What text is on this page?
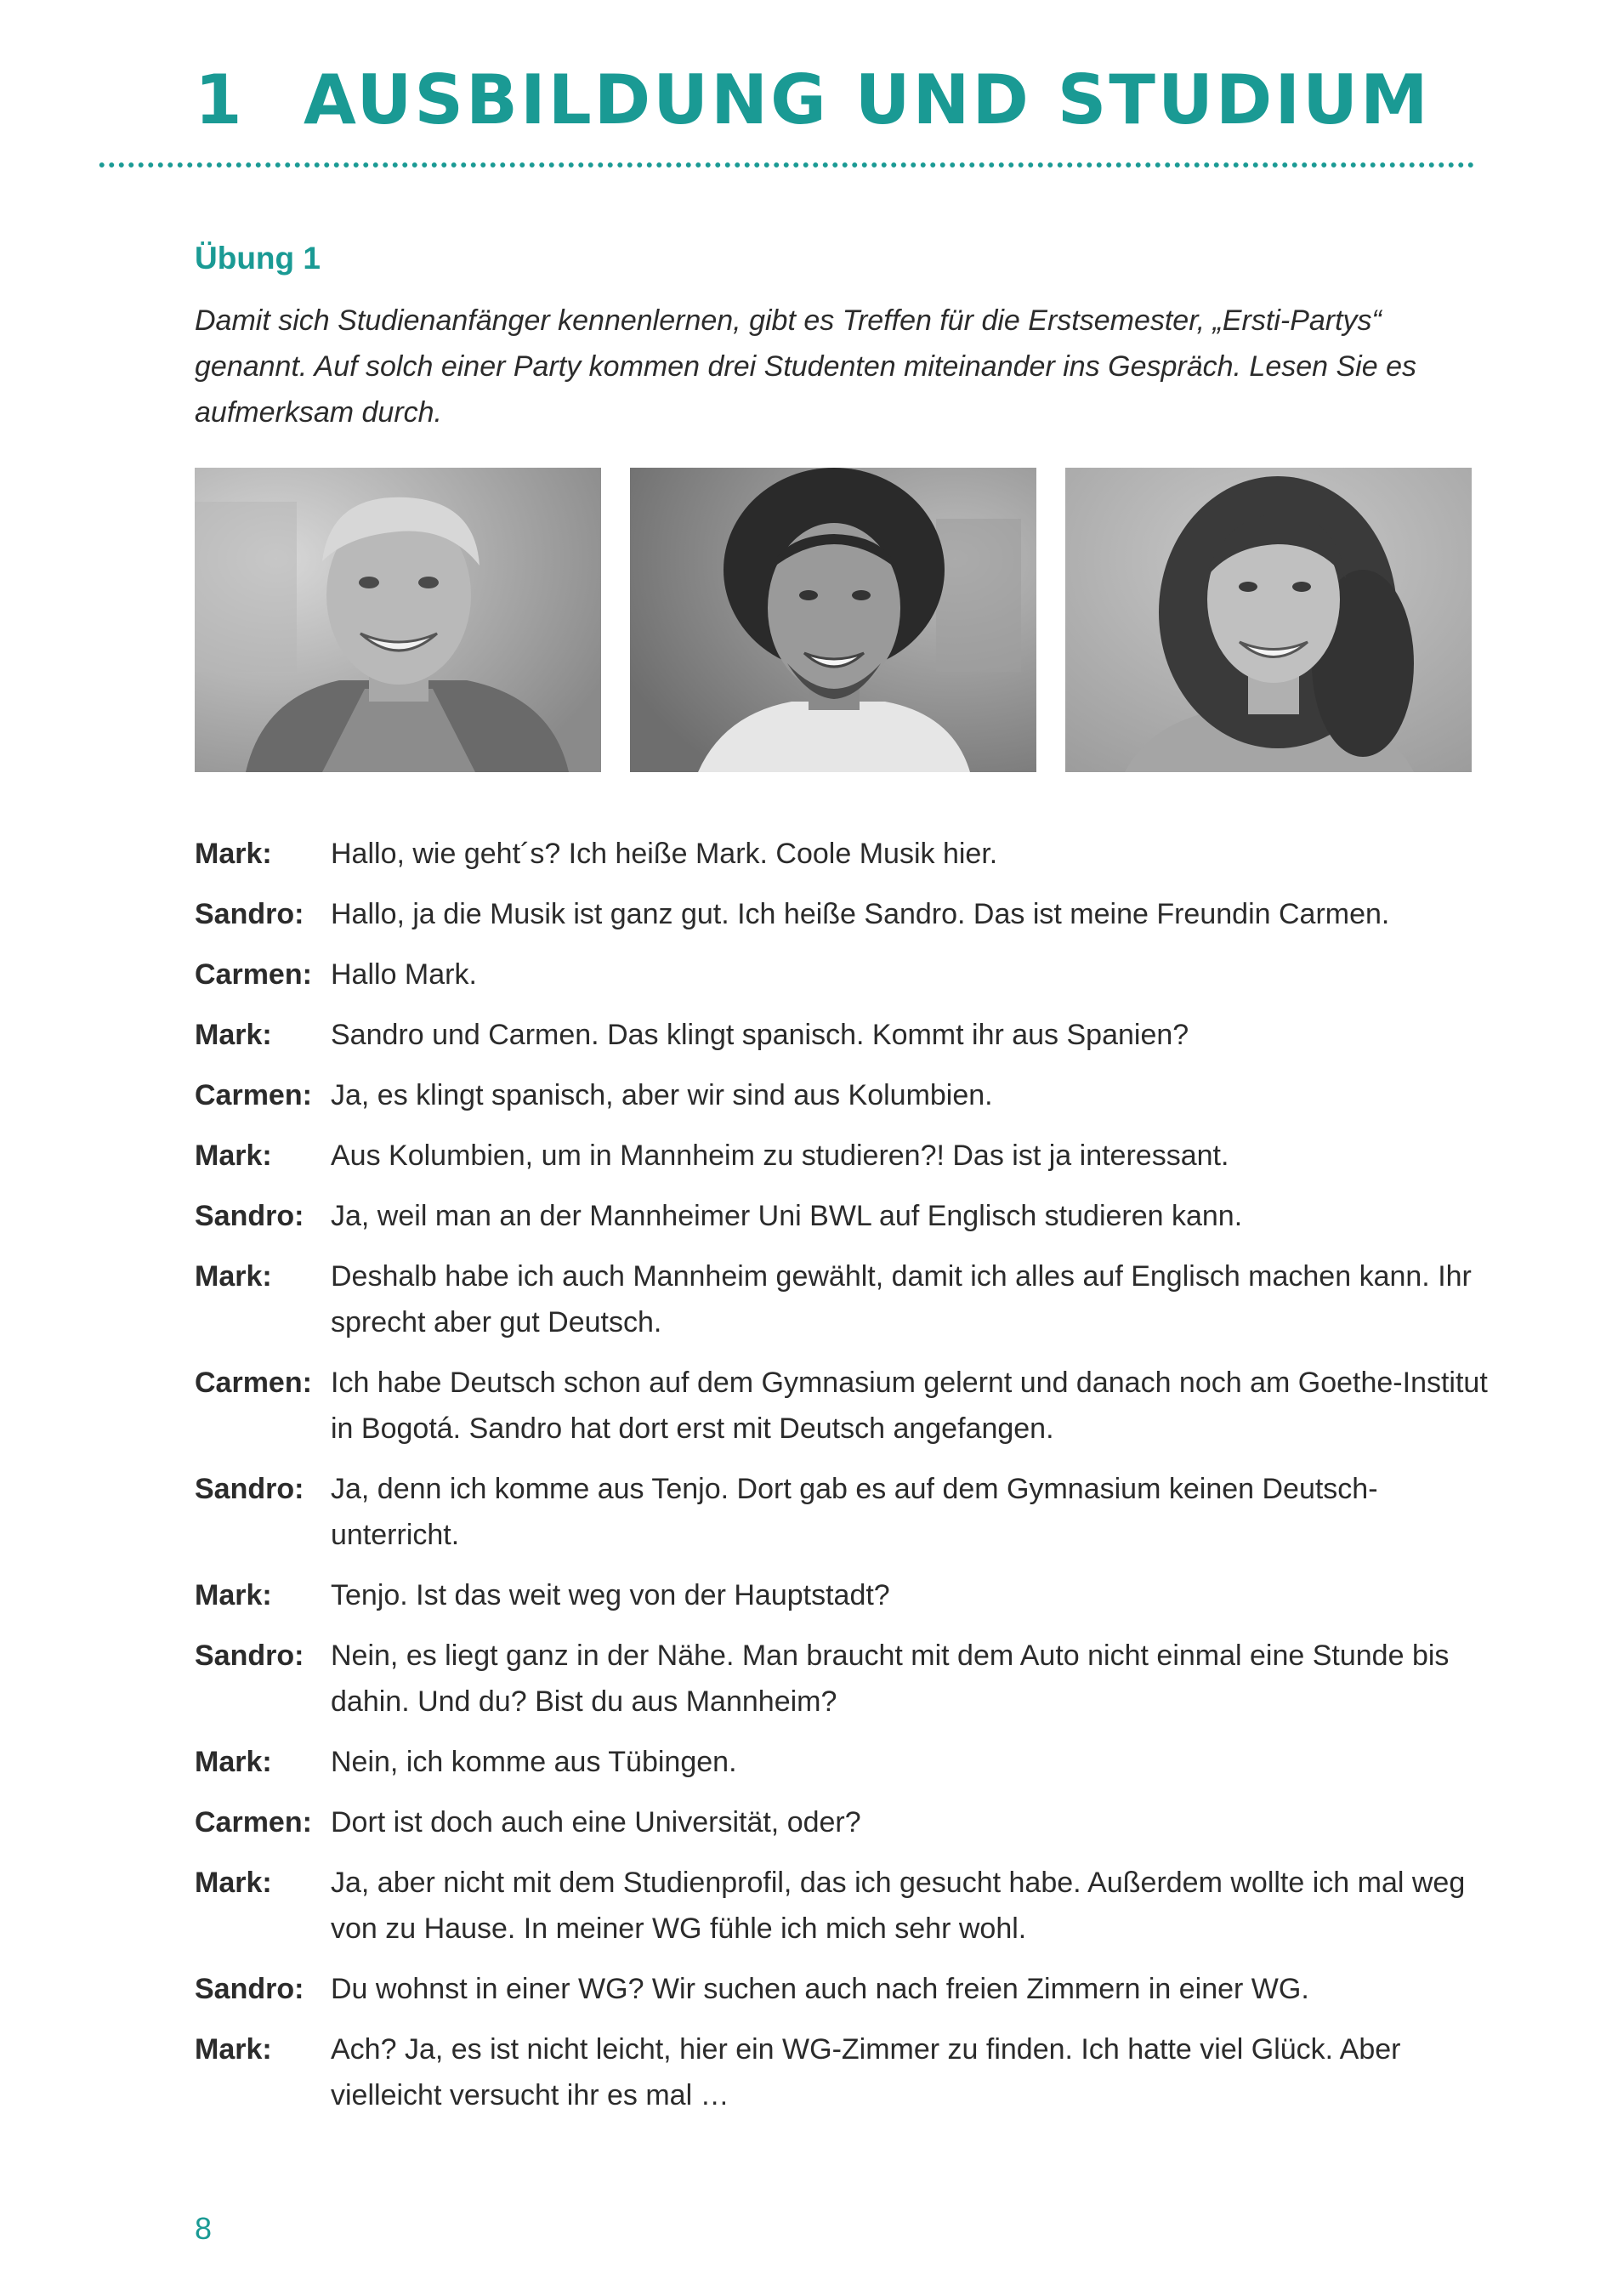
1 AUSBILDUNG UND STUDIUM
Übung 1
Damit sich Studienanfänger kennenlernen, gibt es Treffen für die Erstsemester, „Ersti-Partys“ genannt. Auf solch einer Party kommen drei Studenten miteinander ins Gespräch. Lesen Sie es aufmerksam durch.
Mark:	Hallo, wie geht´s? Ich heiße Mark. Coole Musik hier.
Sandro: Hallo, ja die Musik ist ganz gut. Ich heiße Sandro. Das ist meine Freundin Carmen.
Carmen: Hallo Mark.
Mark:	Sandro und Carmen. Das klingt spanisch. Kommt ihr aus Spanien?
Carmen: Ja, es klingt spanisch, aber wir sind aus Kolumbien.
Mark:	Aus Kolumbien, um in Mannheim zu studieren?! Das ist ja interessant.
Sandro: Ja, weil man an der Mannheimer Uni BWL auf Englisch studieren kann.
Mark:	Deshalb habe ich auch Mannheim gewählt, damit ich alles auf Englisch machen kann. Ihr sprecht aber gut Deutsch.
Carmen: Ich habe Deutsch schon auf dem Gymnasium gelernt und danach noch am Goethe-Institut in Bogotá. Sandro hat dort erst mit Deutsch angefangen.
Sandro: Ja, denn ich komme aus Tenjo. Dort gab es auf dem Gymnasium keinen Deutschunterricht.
Mark:	Tenjo. Ist das weit weg von der Hauptstadt?
Sandro: Nein, es liegt ganz in der Nähe. Man braucht mit dem Auto nicht einmal eine Stunde bis dahin. Und du? Bist du aus Mannheim?
Mark:	Nein, ich komme aus Tübingen.
Carmen: Dort ist doch auch eine Universität, oder?
Mark:	Ja, aber nicht mit dem Studienprofil, das ich gesucht habe. Außerdem wollte ich mal weg von zu Hause. In meiner WG fühle ich mich sehr wohl.
Sandro: Du wohnst in einer WG? Wir suchen auch nach freien Zimmern in einer WG.
Mark:	Ach? Ja, es ist nicht leicht, hier ein WG-Zimmer zu finden. Ich hatte viel Glück. Aber vielleicht versucht ihr es mal …
8
